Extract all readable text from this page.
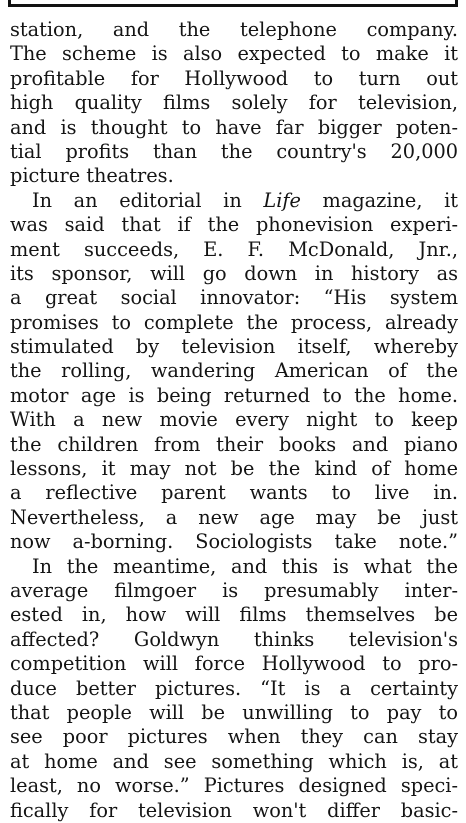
station, and the telephone company.
The scheme is also expected to make it
profitable for Hollywood to turn out
high quality films solely for television,
and is thought to have far bigger poten-
tial profits than the country's 20,000
picture theatres.
In an editorial in Life magazine, it
was said that if the phonevision experi-
ment succeeds, E. F. McDonald, Jnr.,
its sponsor, will go down in history as
a great social innovator: “His system
promises to complete the process, already
stimulated by television itself, whereby
the rolling, wandering American of the
motor age is being returned to the home.
With a new movie every night to keep
the children from their books and piano
lessons, it may not be the kind of home
a reflective parent wants to live in.
Nevertheless, a new age may be just
now a-borning. Sociologists take note.”
In the meantime, and this is what the
average filmgoer is presumably inter-
ested in, how will films themselves be
affected? Goldwyn thinks television's
competition will force Hollywood to pro-
duce better pictures. “It is a certainty
that people will be unwilling to pay to
see poor pictures when they can stay
at home and see something which is, at
least, no worse.” Pictures designed speci-
fically for television won't differ basic-
